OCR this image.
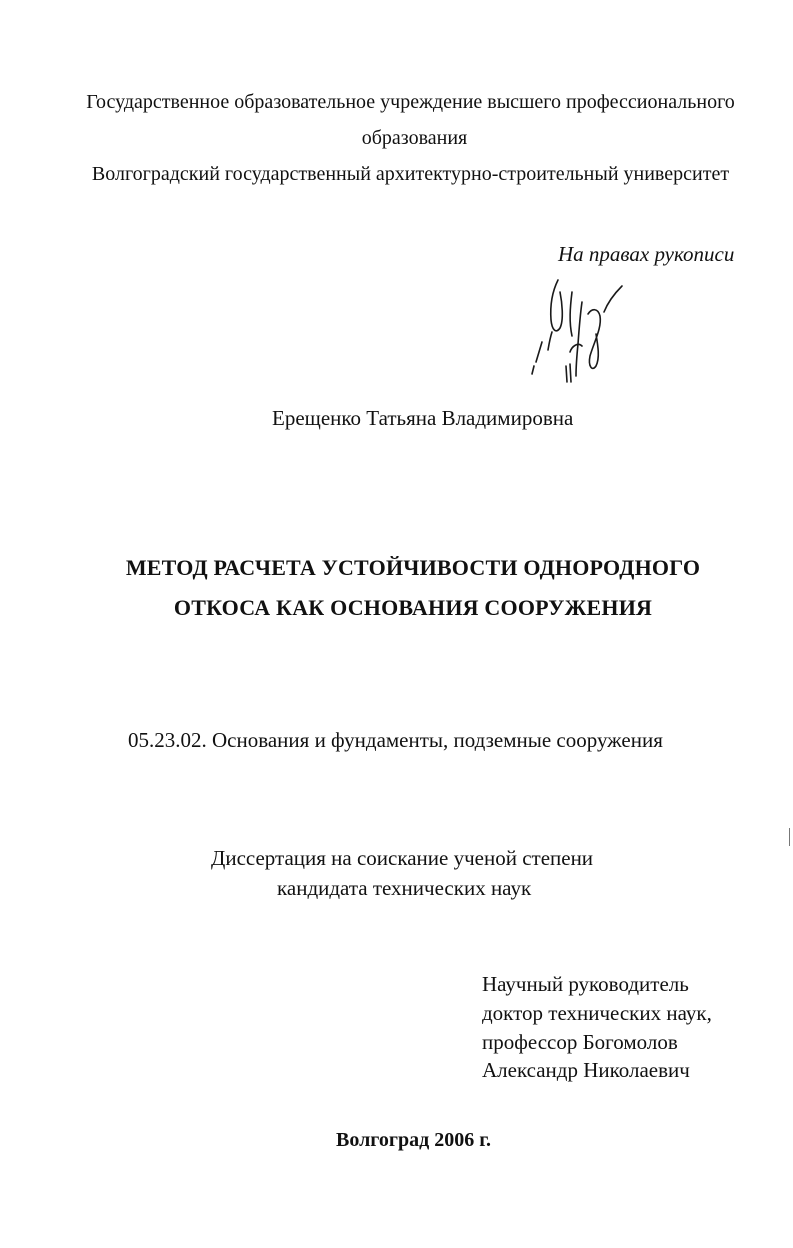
Государственное образовательное учреждение высшего профессионального
образования
Волгоградский государственный архитектурно-строительный университет
На правах рукописи
Ерещенко Татьяна Владимировна
МЕТОД РАСЧЕТА УСТОЙЧИВОСТИ ОДНОРОДНОГО
ОТКОСА КАК ОСНОВАНИЯ СООРУЖЕНИЯ
05.23.02. Основания и фундаменты, подземные сооружения
Диссертация на соискание ученой степени
кандидата технических наук
Научный руководитель
доктор технических наук,
профессор Богомолов
Александр Николаевич
Волгоград 2006 г.
